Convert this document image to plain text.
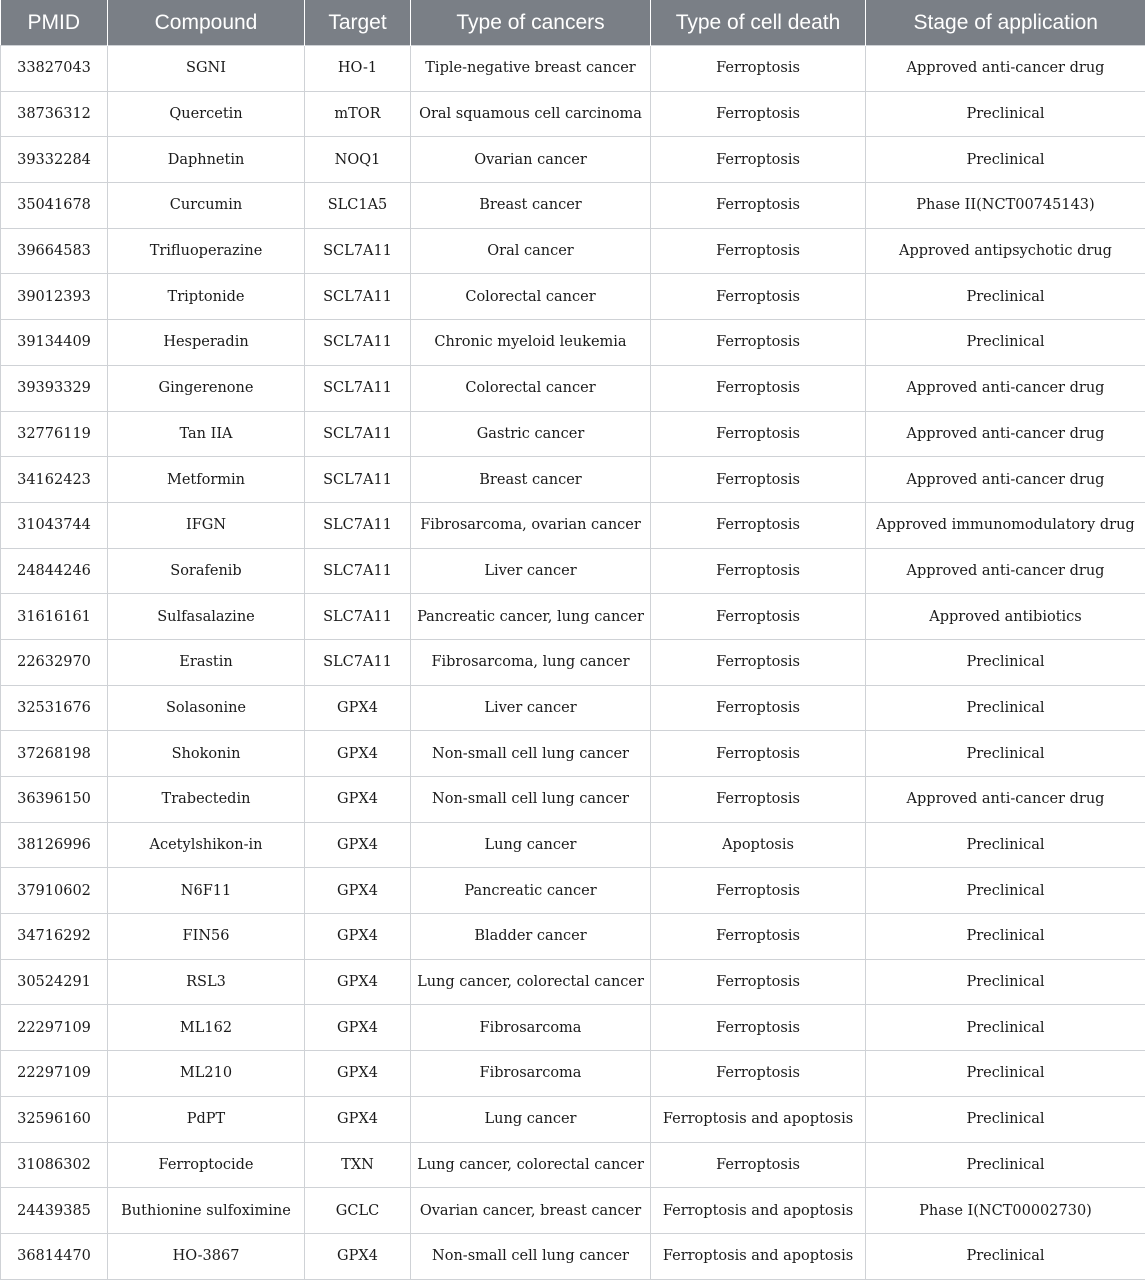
PMID	Compound	Target	Type of cancers	Type of cell death	Stage of application
33827043	SGNI	HO-1	Tiple-negative breast cancer	Ferroptosis	Approved anti-cancer drug
38736312	Quercetin	mTOR	Oral squamous cell carcinoma	Ferroptosis	Preclinical
39332284	Daphnetin	NOQ1	Ovarian cancer	Ferroptosis	Preclinical
35041678	Curcumin	SLC1A5	Breast cancer	Ferroptosis	Phase II(NCT00745143)
39664583	Trifluoperazine	SCL7A11	Oral cancer	Ferroptosis	Approved antipsychotic drug
39012393	Triptonide	SCL7A11	Colorectal cancer	Ferroptosis	Preclinical
39134409	Hesperadin	SCL7A11	Chronic myeloid leukemia	Ferroptosis	Preclinical
39393329	Gingerenone	SCL7A11	Colorectal cancer	Ferroptosis	Approved anti-cancer drug
32776119	Tan IIA	SCL7A11	Gastric cancer	Ferroptosis	Approved anti-cancer drug
34162423	Metformin	SCL7A11	Breast cancer	Ferroptosis	Approved anti-cancer drug
31043744	IFGN	SLC7A11	Fibrosarcoma, ovarian cancer	Ferroptosis	Approved immunomodulatory drug
24844246	Sorafenib	SLC7A11	Liver cancer	Ferroptosis	Approved anti-cancer drug
31616161	Sulfasalazine	SLC7A11	Pancreatic cancer, lung cancer	Ferroptosis	Approved antibiotics
22632970	Erastin	SLC7A11	Fibrosarcoma, lung cancer	Ferroptosis	Preclinical
32531676	Solasonine	GPX4	Liver cancer	Ferroptosis	Preclinical
37268198	Shokonin	GPX4	Non-small cell lung cancer	Ferroptosis	Preclinical
36396150	Trabectedin	GPX4	Non-small cell lung cancer	Ferroptosis	Approved anti-cancer drug
38126996	Acetylshikon-in	GPX4	Lung cancer	Apoptosis	Preclinical
37910602	N6F11	GPX4	Pancreatic cancer	Ferroptosis	Preclinical
34716292	FIN56	GPX4	Bladder cancer	Ferroptosis	Preclinical
30524291	RSL3	GPX4	Lung cancer, colorectal cancer	Ferroptosis	Preclinical
22297109	ML162	GPX4	Fibrosarcoma	Ferroptosis	Preclinical
22297109	ML210	GPX4	Fibrosarcoma	Ferroptosis	Preclinical
32596160	PdPT	GPX4	Lung cancer	Ferroptosis and apoptosis	Preclinical
31086302	Ferroptocide	TXN	Lung cancer, colorectal cancer	Ferroptosis	Preclinical
24439385	Buthionine sulfoximine	GCLC	Ovarian cancer, breast cancer	Ferroptosis and apoptosis	Phase I(NCT00002730)
36814470	HO-3867	GPX4	Non-small cell lung cancer	Ferroptosis and apoptosis	Preclinical
